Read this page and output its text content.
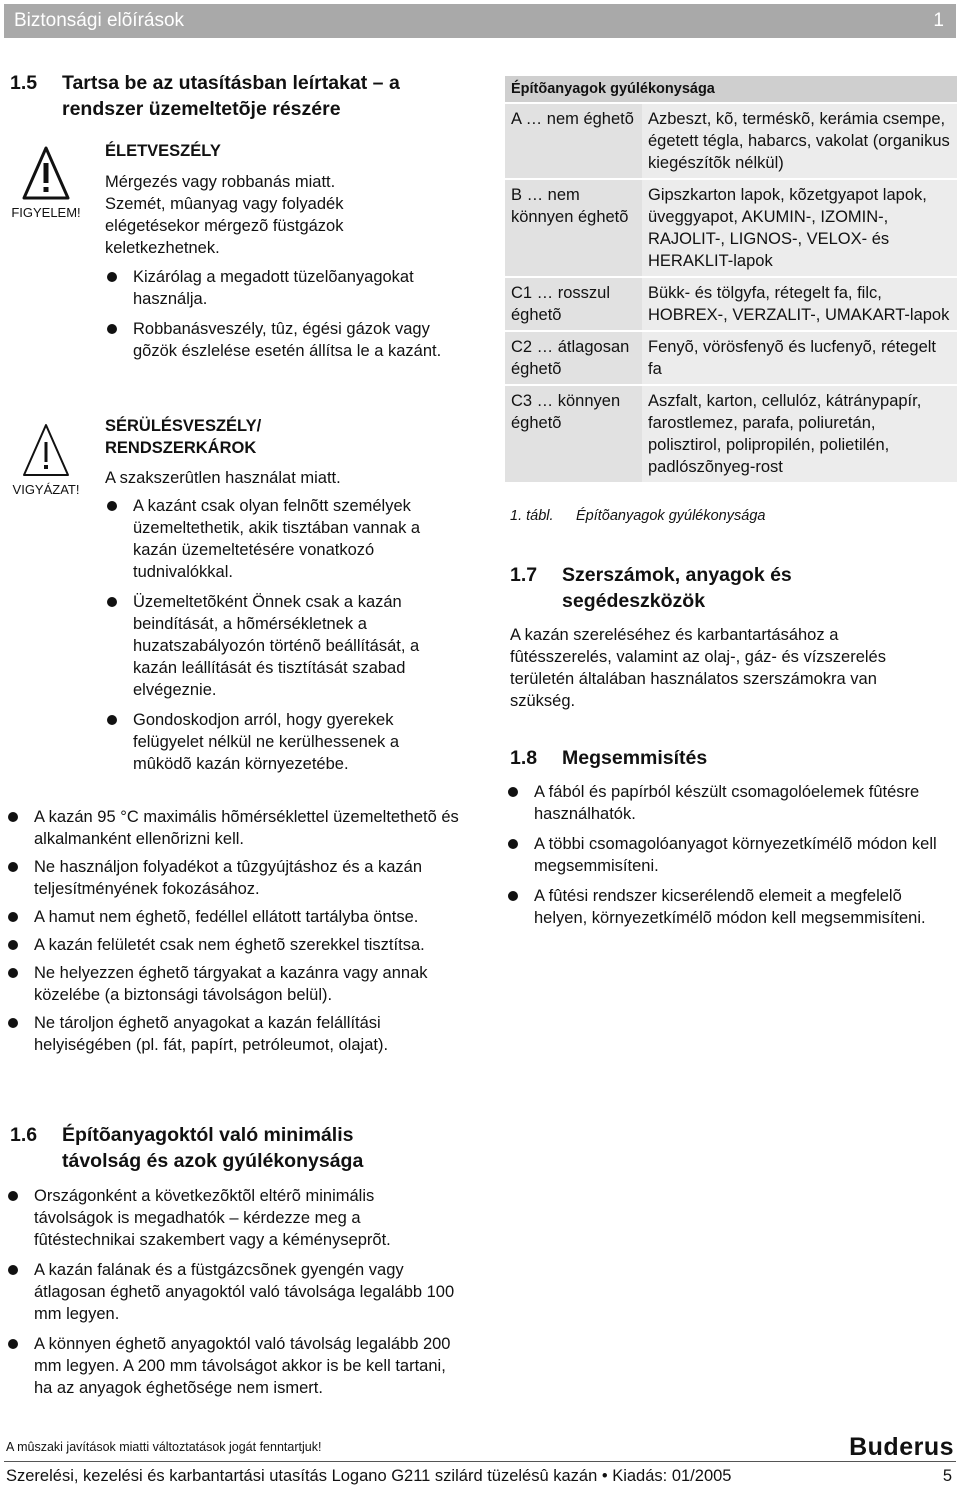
Biztonsági elõírások	1
1.5 Tartsa be az utasításban leírtakat – a
rendszer üzemeltetõje részére
FIGYELEM!
ÉLETVESZÉLY
Mérgezés vagy robbanás miatt. Szemét, mûanyag vagy folyadék elégetésekor mérgezõ füstgázok keletkezhetnek.
Kizárólag a megadott tüzelõanyagokat használja.
Robbanásveszély, tûz, égési gázok vagy gõzök észlelése esetén állítsa le a kazánt.
VIGYÁZAT!
SÉRÜLÉSVESZÉLY/
RENDSZERKÁROK
A szakszerûtlen használat miatt.
A kazánt csak olyan felnõtt személyek üzemeltethetik, akik tisztában vannak a kazán üzemeltetésére vonatkozó tudnivalókkal.
Üzemeltetõként Önnek csak a kazán beindítását, a hõmérsékletnek a huzatszabályozón történõ beállítását, a kazán leállítását és tisztítását szabad elvégeznie.
Gondoskodjon arról, hogy gyerekek felügyelet nélkül ne kerülhessenek a mûködõ kazán környezetébe.
A kazán 95 °C maximális hõmérséklettel üzemeltethetõ és alkalmanként ellenõrizni kell.
Ne használjon folyadékot a tûzgyújtáshoz és a kazán teljesítményének fokozásához.
A hamut nem éghetõ, fedéllel ellátott tartályba öntse.
A kazán felületét csak nem éghetõ szerekkel tisztítsa.
Ne helyezzen éghetõ tárgyakat a kazánra vagy annak közelébe (a biztonsági távolságon belül).
Ne tároljon éghetõ anyagokat a kazán felállítási helyiségében (pl. fát, papírt, petróleumot, olajat).
1.6 Építõanyagoktól való minimális
távolság és azok gyúlékonysága
Országonként a következõktõl eltérõ minimális távolságok is megadhatók – kérdezze meg a fûtéstechnikai szakembert vagy a kéményseprõt.
A kazán falának és a füstgázcsõnek gyengén vagy átlagosan éghetõ anyagoktól való távolsága legalább 100 mm legyen.
A könnyen éghetõ anyagoktól való távolság legalább 200 mm legyen. A 200 mm távolságot akkor is be kell tartani, ha az anyagok éghetõsége nem ismert.
Építõanyagok gyúlékonysága	
A … nem éghetõ	Azbeszt, kõ, terméskõ, kerámia csempe, égetett tégla, habarcs, vakolat (organikus kiegészítõk nélkül)
B … nem könnyen éghetõ	Gipszkarton lapok, kõzetgyapot lapok, üveggyapot, AKUMIN-, IZOMIN-, RAJOLIT-, LIGNOS-, VELOX- és HERAKLIT-lapok
C1 … rosszul éghetõ	Bükk- és tölgyfa, rétegelt fa, filc, HOBREX-, VERZALIT-, UMAKART-lapok
C2 … átlagosan éghetõ	Fenyõ, vörösfenyõ és lucfenyõ, rétegelt fa
C3 … könnyen éghetõ	Aszfalt, karton, cellulóz, kátránypapír, farostlemez, parafa, poliuretán, polisztirol, polipropilén, polietilén, padlószõnyeg-rost
1. tábl. Építõanyagok gyúlékonysága
1.7 Szerszámok, anyagok és
segédeszközök
A kazán szereléséhez és karbantartásához a fûtésszerelés, valamint az olaj-, gáz- és vízszerelés területén általában használatos szerszámokra van szükség.
1.8 Megsemmisítés
A fából és papírból készült csomagolóelemek fûtésre használhatók.
A többi csomagolóanyagot környezetkímélõ módon kell megsemmisíteni.
A fûtési rendszer kicserélendõ elemeit a megfelelõ helyen, környezetkímélõ módon kell megsemmisíteni.
A mûszaki javítások miatti változtatások jogát fenntartjuk!	Buderus
Szerelési, kezelési és karbantartási utasítás Logano G211 szilárd tüzelésû kazán • Kiadás: 01/2005	5
